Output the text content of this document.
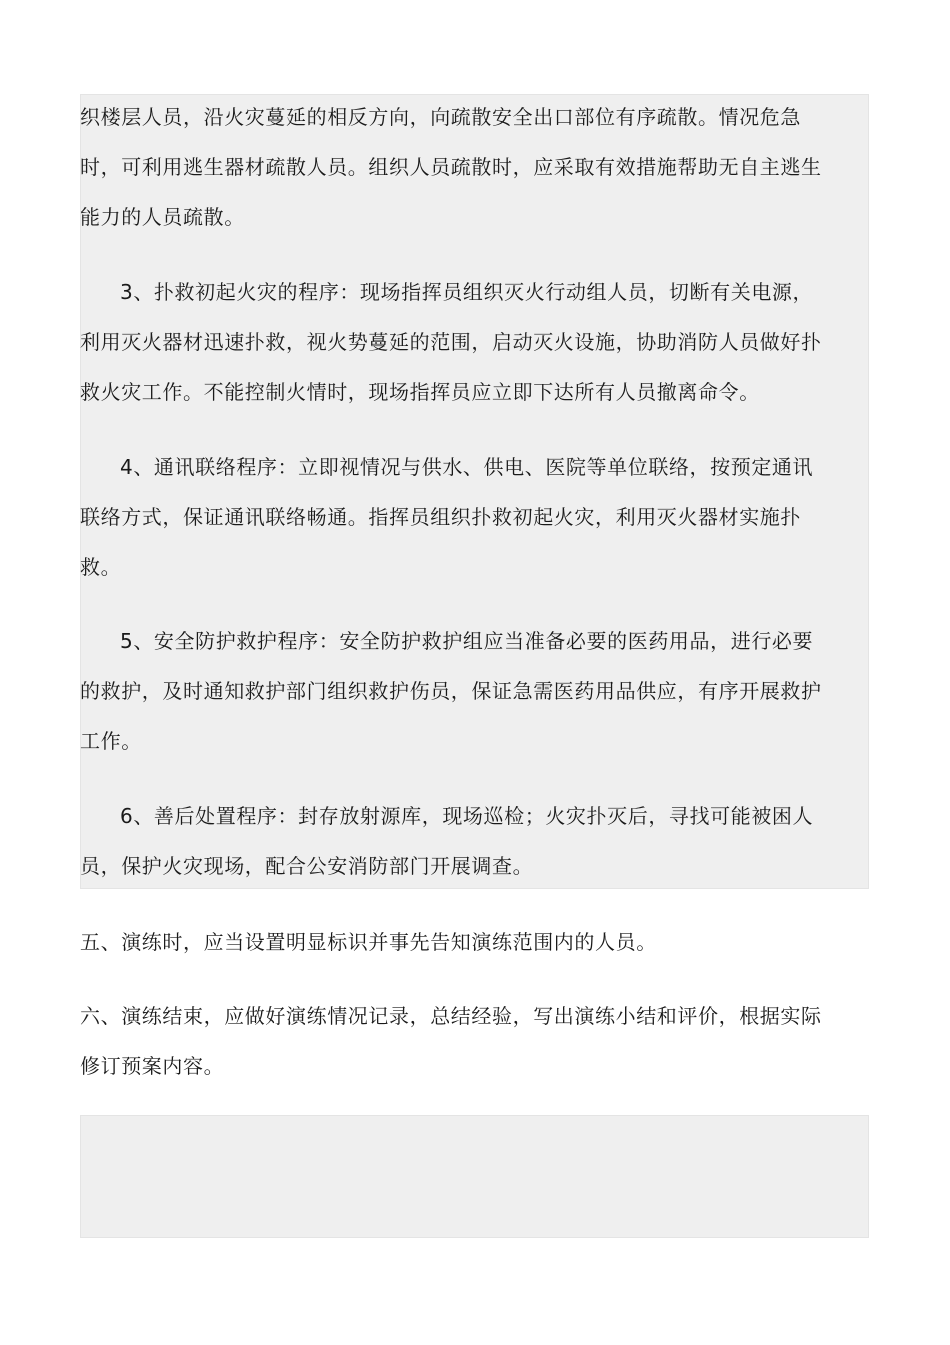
织楼层人员，沿火灾蔓延的相反方向，向疏散安全出口部位有序疏散。情况危急时，可利用逃生器材疏散人员。组织人员疏散时，应采取有效措施帮助无自主逃生能力的人员疏散。

3、扑救初起火灾的程序：现场指挥员组织灭火行动组人员，切断有关电源，利用灭火器材迅速扑救，视火势蔓延的范围，启动灭火设施，协助消防人员做好扑救火灾工作。不能控制火情时，现场指挥员应立即下达所有人员撤离命令。

4、通讯联络程序：立即视情况与供水、供电、医院等单位联络，按预定通讯联络方式，保证通讯联络畅通。指挥员组织扑救初起火灾，利用灭火器材实施扑救。

5、安全防护救护程序：安全防护救护组应当准备必要的医药用品，进行必要的救护，及时通知救护部门组织救护伤员，保证急需医药用品供应，有序开展救护工作。

6、善后处置程序：封存放射源库，现场巡检；火灾扑灭后，寻找可能被困人员，保护火灾现场，配合公安消防部门开展调查。

五、演练时，应当设置明显标识并事先告知演练范围内的人员。

六、演练结束，应做好演练情况记录，总结经验，写出演练小结和评价，根据实际修订预案内容。
